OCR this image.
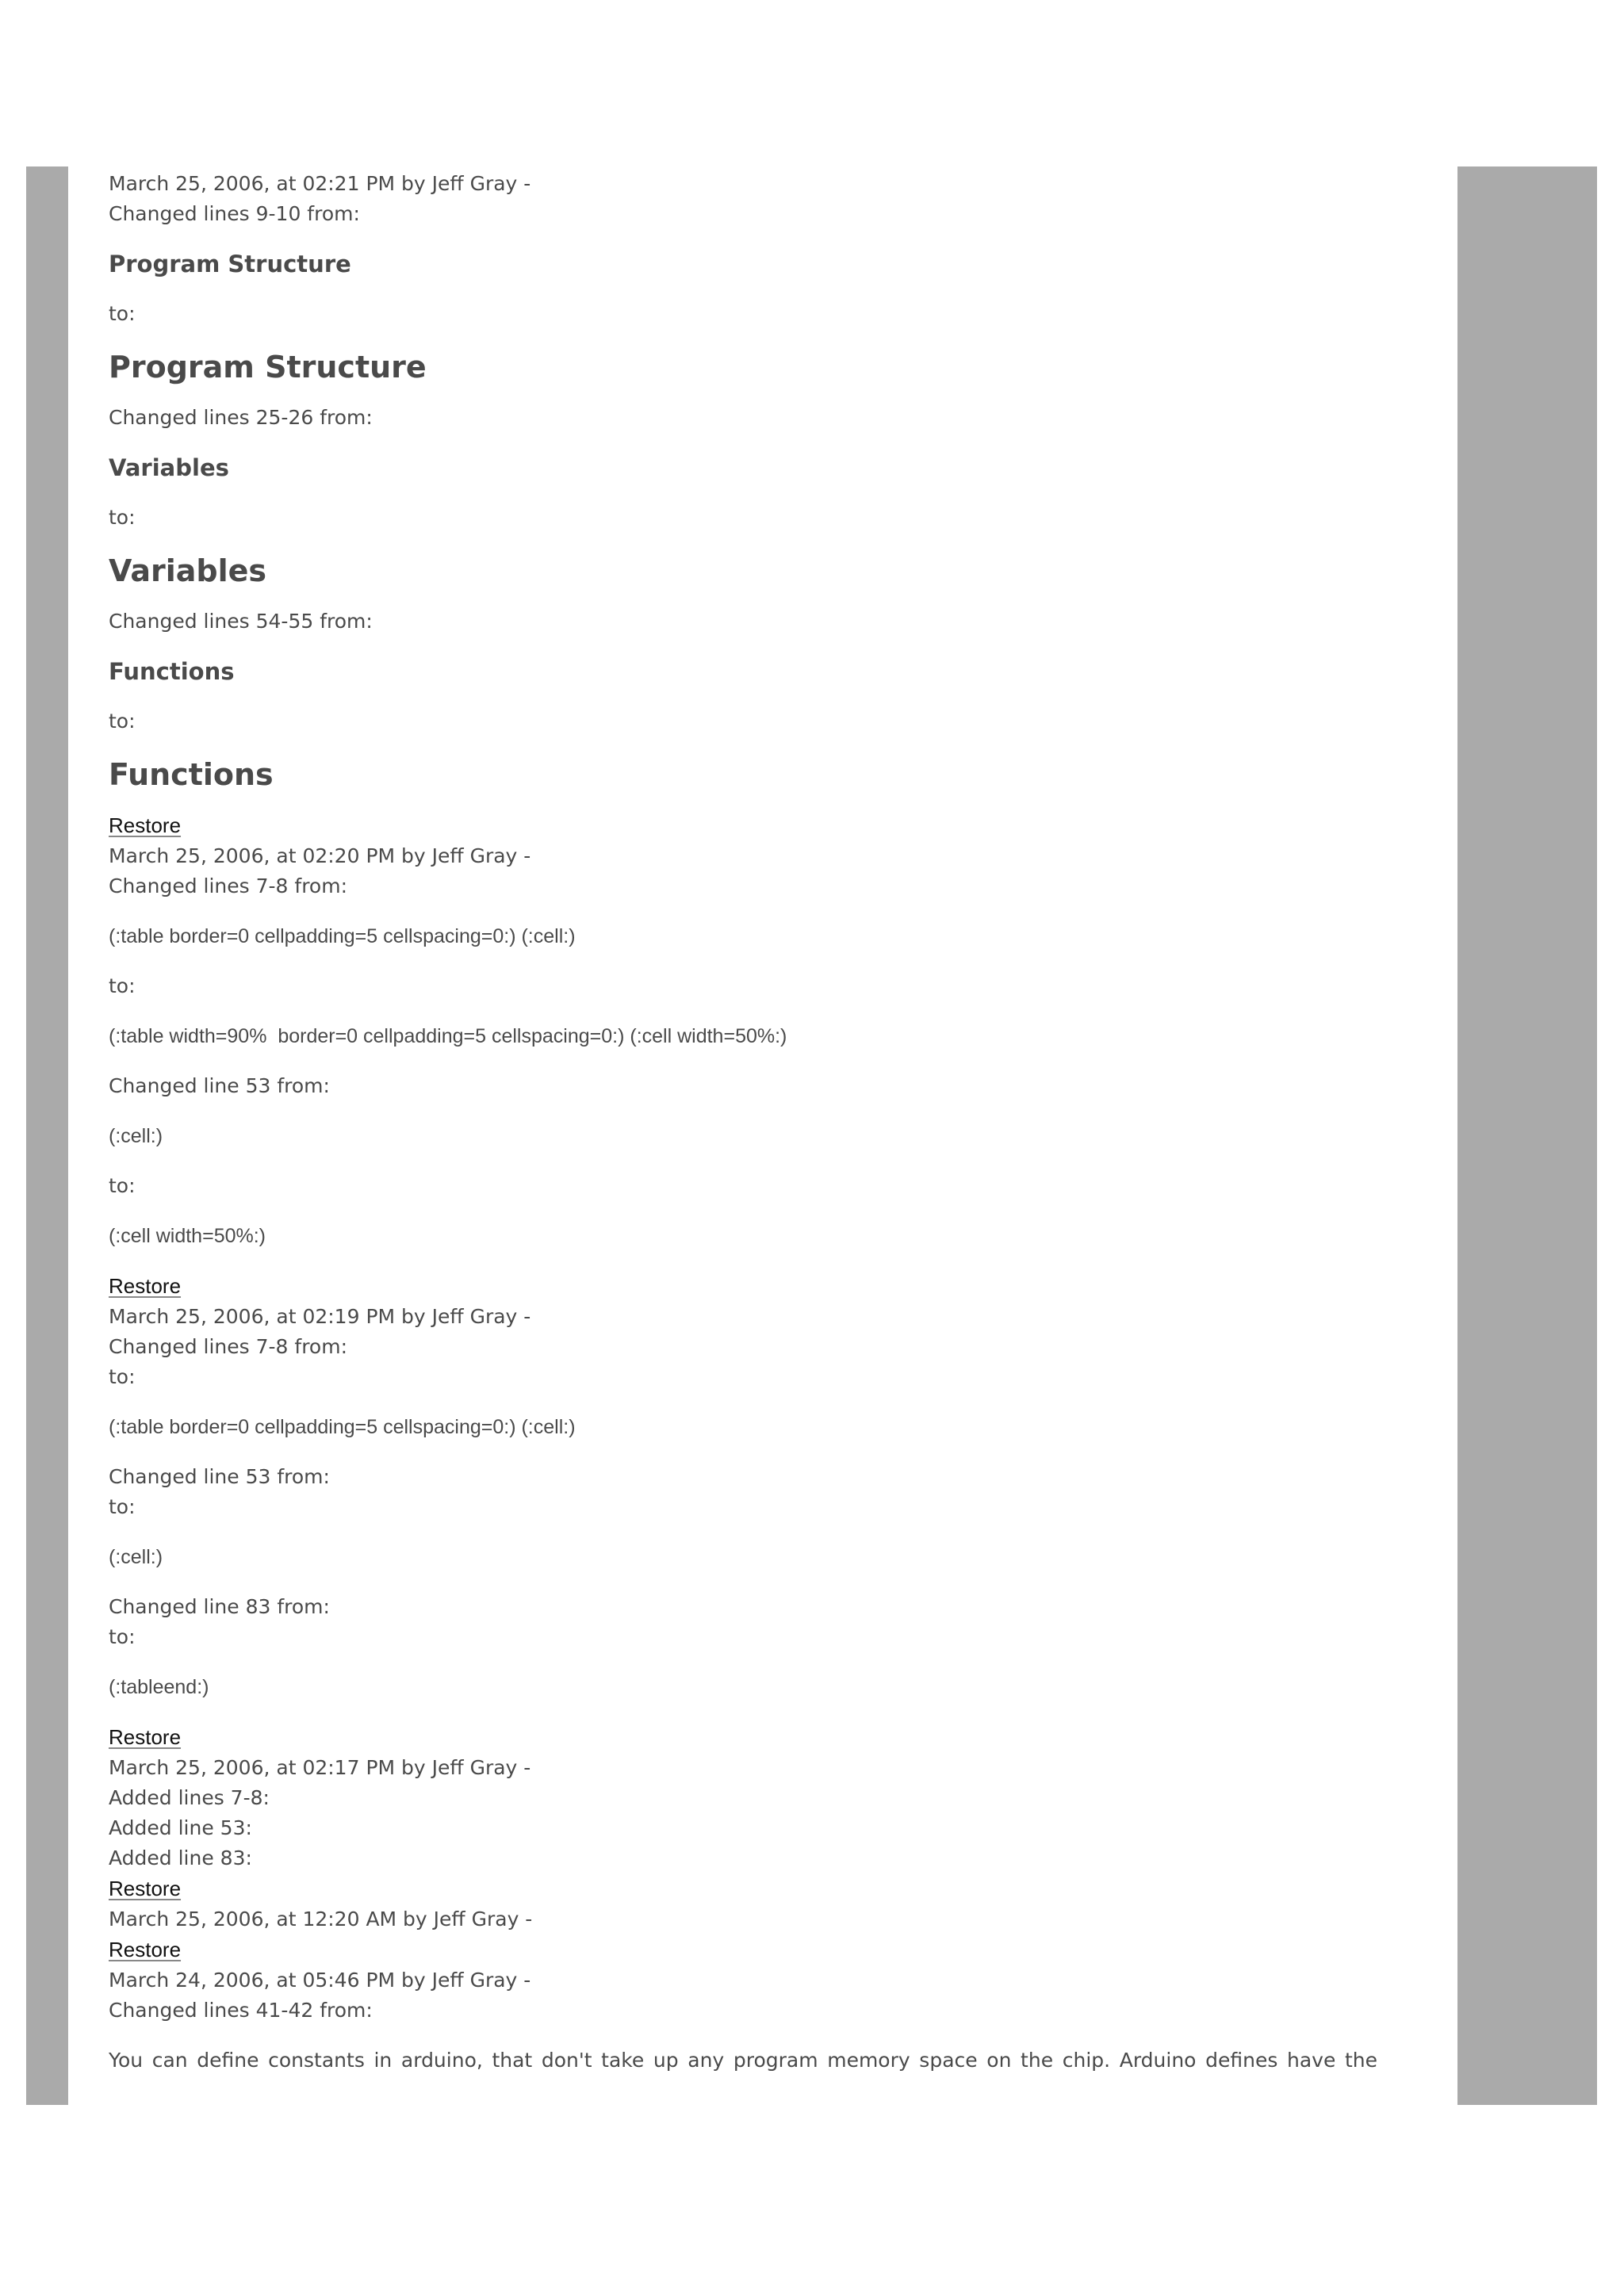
March 25, 2006, at 02:21 PM by Jeff Gray -
Changed lines 9-10 from:
Program Structure
to:
Program Structure
Changed lines 25-26 from:
Variables
to:
Variables
Changed lines 54-55 from:
Functions
to:
Functions
Restore
March 25, 2006, at 02:20 PM by Jeff Gray -
Changed lines 7-8 from:
(:table border=0 cellpadding=5 cellspacing=0:) (:cell:)
to:
(:table width=90%  border=0 cellpadding=5 cellspacing=0:) (:cell width=50%:)
Changed line 53 from:
(:cell:)
to:
(:cell width=50%:)
Restore
March 25, 2006, at 02:19 PM by Jeff Gray -
Changed lines 7-8 from:
to:
(:table border=0 cellpadding=5 cellspacing=0:) (:cell:)
Changed line 53 from:
to:
(:cell:)
Changed line 83 from:
to:
(:tableend:)
Restore
March 25, 2006, at 02:17 PM by Jeff Gray -
Added lines 7-8:
Added line 53:
Added line 83:
Restore
March 25, 2006, at 12:20 AM by Jeff Gray -
Restore
March 24, 2006, at 05:46 PM by Jeff Gray -
Changed lines 41-42 from:
You can define constants in arduino, that don't take up any program memory space on the chip. Arduino defines have the
